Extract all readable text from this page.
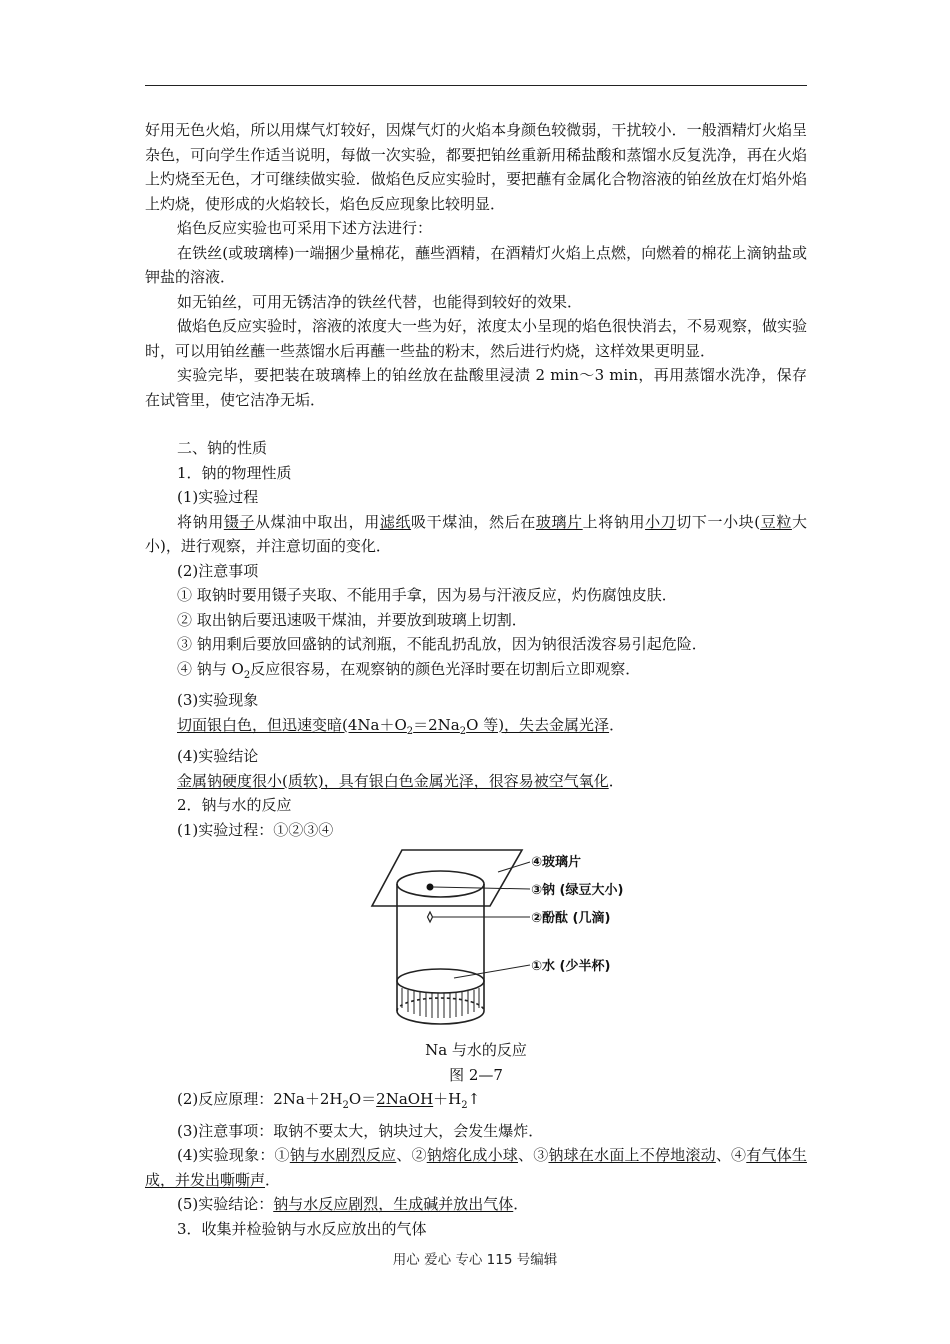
好用无色火焰，所以用煤气灯较好，因煤气灯的火焰本身颜色较微弱，干扰较小．一般酒精灯火焰呈杂色，可向学生作适当说明，每做一次实验，都要把铂丝重新用稀盐酸和蒸馏水反复洗净，再在火焰上灼烧至无色，才可继续做实验．做焰色反应实验时，要把蘸有金属化合物溶液的铂丝放在灯焰外焰上灼烧，使形成的火焰较长，焰色反应现象比较明显．

焰色反应实验也可采用下述方法进行：

在铁丝(或玻璃棒)一端捆少量棉花，蘸些酒精，在酒精灯火焰上点燃，向燃着的棉花上滴钠盐或钾盐的溶液．

如无铂丝，可用无锈洁净的铁丝代替，也能得到较好的效果．

做焰色反应实验时，溶液的浓度大一些为好，浓度太小呈现的焰色很快消去，不易观察，做实验时，可以用铂丝蘸一些蒸馏水后再蘸一些盐的粉末，然后进行灼烧，这样效果更明显．

实验完毕，要把装在玻璃棒上的铂丝放在盐酸里浸渍 2 min～3 min，再用蒸馏水洗净，保存在试管里，使它洁净无垢．

二、钠的性质

1．钠的物理性质

(1)实验过程

将钠用镊子从煤油中取出，用滤纸吸干煤油，然后在玻璃片上将钠用小刀切下一小块(豆粒大小)，进行观察，并注意切面的变化．

(2)注意事项

① 取钠时要用镊子夹取、不能用手拿，因为易与汗液反应，灼伤腐蚀皮肤．

② 取出钠后要迅速吸干煤油，并要放到玻璃上切割．

③ 钠用剩后要放回盛钠的试剂瓶，不能乱扔乱放，因为钠很活泼容易引起危险．

④ 钠与 $O_2$反应很容易，在观察钠的颜色光泽时要在切割后立即观察．

(3)实验现象

切面银白色，但迅速变暗($4Na+O_2=2Na_2O$ 等)，失去金属光泽．

(4)实验结论

金属钠硬度很小(质软)，具有银白色金属光泽，很容易被空气氧化．

2．钠与水的反应

(1)实验过程：①②③④

④玻璃片
③钠 (绿豆大小)
②酚酞 (几滴)
①水 (少半杯)

Na 与水的反应

图 2—7

(2)反应原理：$2Na+2H_2O=2NaOH+H_2↑$

(3)注意事项：取钠不要太大，钠块过大，会发生爆炸．

(4)实验现象：①钠与水剧烈反应、②钠熔化成小球、③钠球在水面上不停地滚动、④有气体生成，并发出嘶嘶声．

(5)实验结论：钠与水反应剧烈，生成碱并放出气体．

3．收集并检验钠与水反应放出的气体

用心 爱心 专心 115 号编辑
